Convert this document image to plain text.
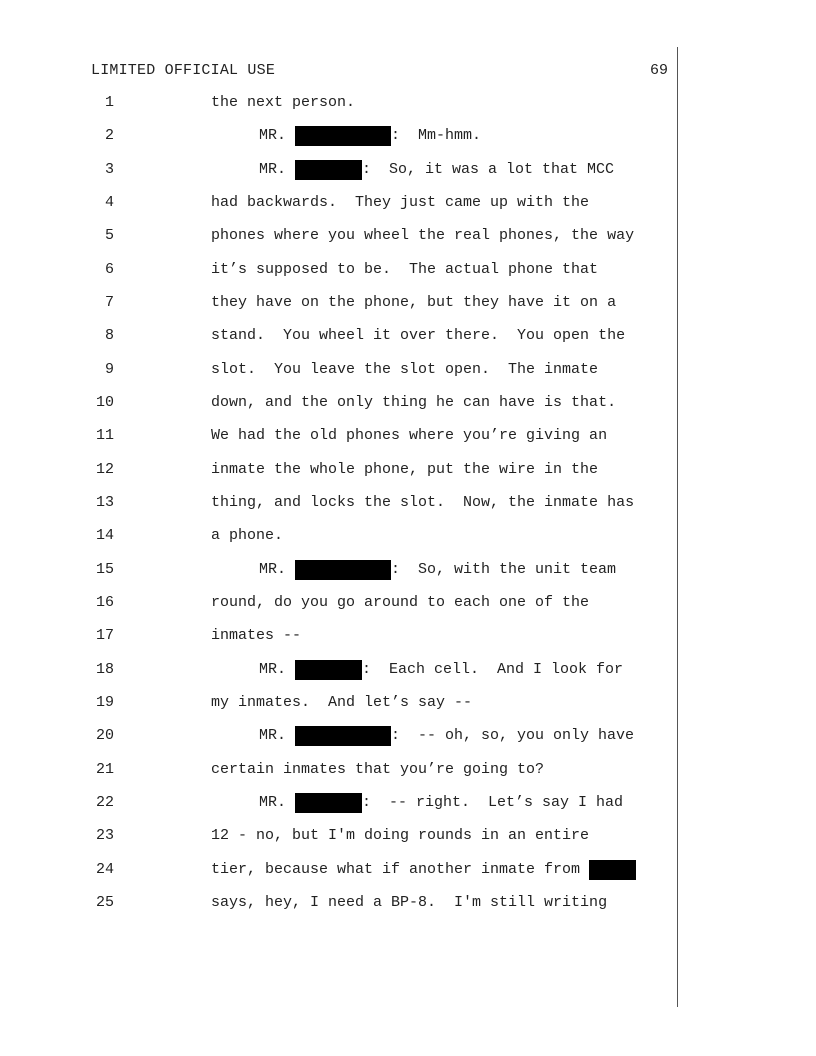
LIMITED OFFICIAL USE	69
1	the next person.
2	MR.	:  Mm-hmm.
3	MR.	:  So, it was a lot that MCC
4	had backwards.  They just came up with the
5	phones where you wheel the real phones, the way
6	it’s supposed to be.  The actual phone that
7	they have on the phone, but they have it on a
8	stand.  You wheel it over there.  You open the
9	slot.  You leave the slot open.  The inmate
10	down, and the only thing he can have is that.
11	We had the old phones where you’re giving an
12	inmate the whole phone, put the wire in the
13	thing, and locks the slot.  Now, the inmate has
14	a phone.
15	MR.	:  So, with the unit team
16	round, do you go around to each one of the
17	inmates --
18	MR.	:  Each cell.  And I look for
19	my inmates.  And let’s say --
20	MR.	:  -- oh, so, you only have
21	certain inmates that you’re going to?
22	MR.	:  -- right.  Let’s say I had
23	12 - no, but I'm doing rounds in an entire
24	tier, because what if another inmate from
25	says, hey, I need a BP-8.  I'm still writing
